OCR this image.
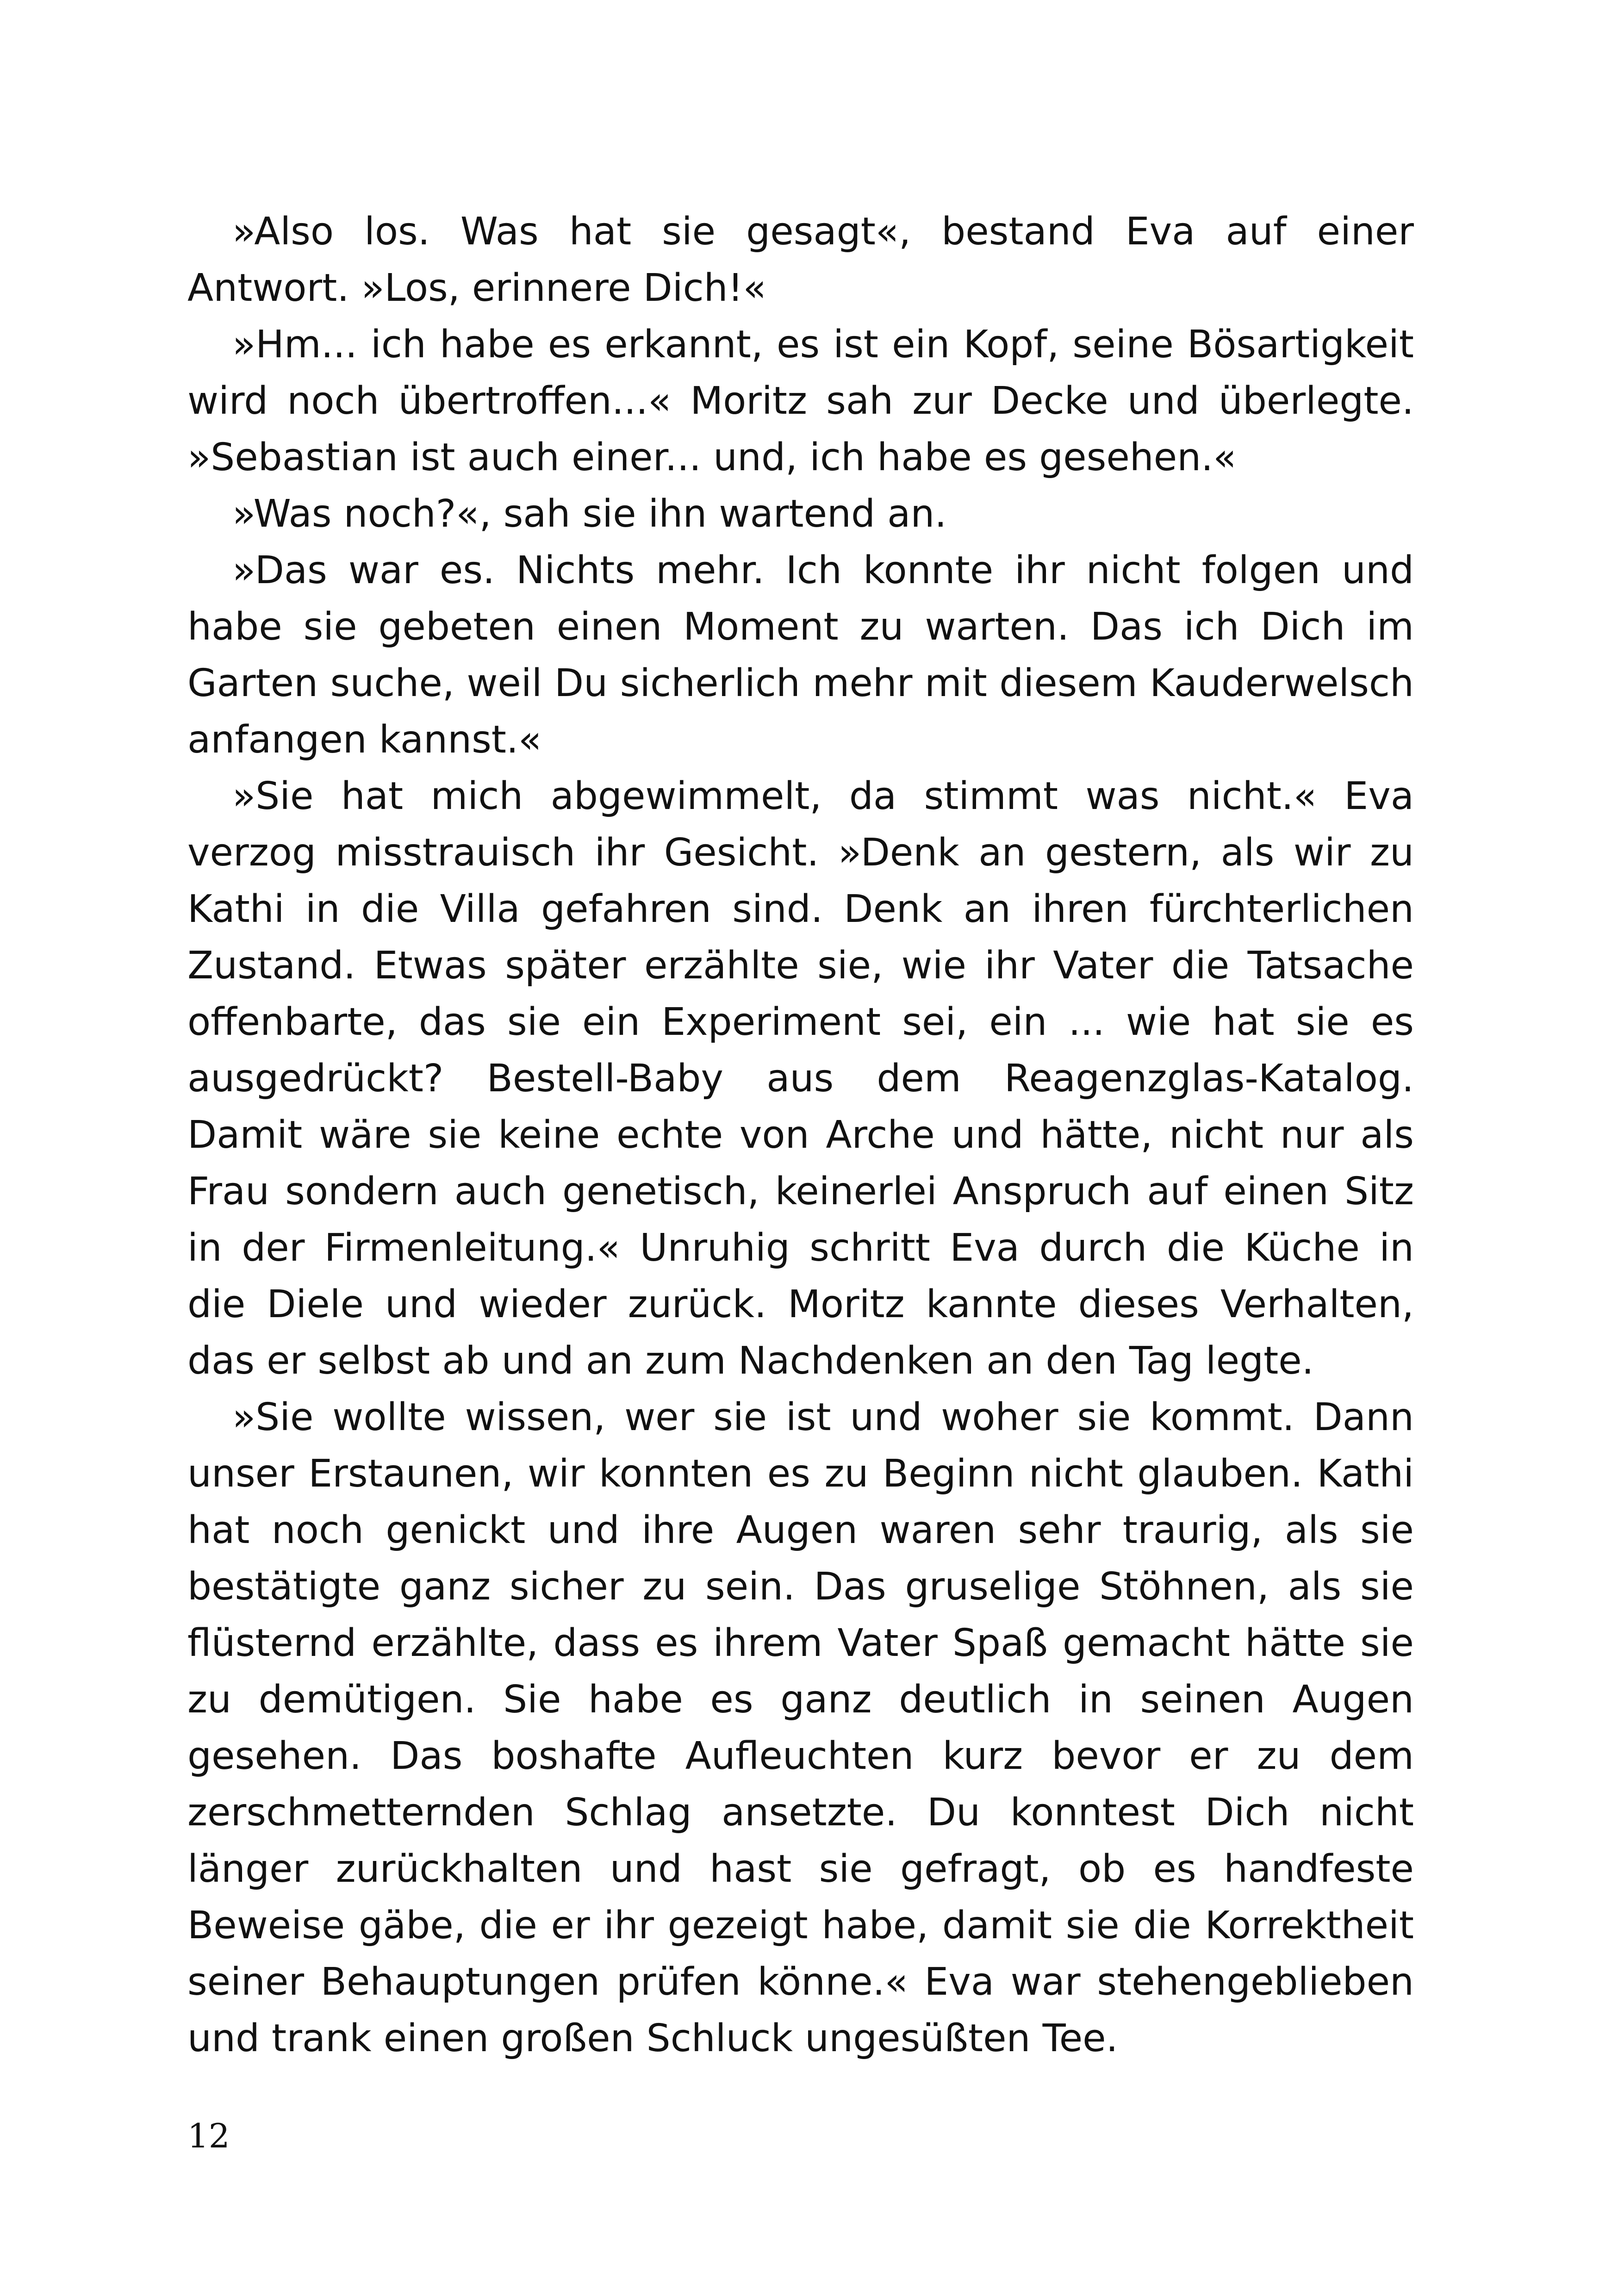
»Also los. Was hat sie gesagt«, bestand Eva auf einer Antwort. »Los, erinnere Dich!«

»Hm... ich habe es erkannt, es ist ein Kopf, seine Bösartigkeit wird noch übertroffen...« Moritz sah zur Decke und überlegte. »Sebastian ist auch einer... und, ich habe es gesehen.«

»Was noch?«, sah sie ihn wartend an.

»Das war es. Nichts mehr. Ich konnte ihr nicht folgen und habe sie gebeten einen Moment zu warten. Das ich Dich im Garten suche, weil Du sicherlich mehr mit diesem Kauderwelsch anfangen kannst.«

»Sie hat mich abgewimmelt, da stimmt was nicht.« Eva verzog misstrauisch ihr Gesicht. »Denk an gestern, als wir zu Kathi in die Villa gefahren sind. Denk an ihren fürchterlichen Zustand. Etwas später erzählte sie, wie ihr Vater die Tatsache offenbarte, das sie ein Experiment sei, ein ... wie hat sie es ausgedrückt? Bestell-Baby aus dem Reagenzglas-Katalog. Damit wäre sie keine echte von Arche und hätte, nicht nur als Frau sondern auch genetisch, keinerlei Anspruch auf einen Sitz in der Firmenleitung.« Unruhig schritt Eva durch die Küche in die Diele und wieder zurück. Moritz kannte dieses Verhalten, das er selbst ab und an zum Nachdenken an den Tag legte.

»Sie wollte wissen, wer sie ist und woher sie kommt. Dann unser Erstaunen, wir konnten es zu Beginn nicht glauben. Kathi hat noch genickt und ihre Augen waren sehr traurig, als sie bestätigte ganz sicher zu sein. Das gruselige Stöhnen, als sie flüsternd erzählte, dass es ihrem Vater Spaß gemacht hätte sie zu demütigen. Sie habe es ganz deutlich in seinen Augen gesehen. Das boshafte Aufleuchten kurz bevor er zu dem zerschmetternden Schlag ansetzte. Du konntest Dich nicht länger zurückhalten und hast sie gefragt, ob es handfeste Beweise gäbe, die er ihr gezeigt habe, damit sie die Korrektheit seiner Behauptungen prüfen könne.« Eva war stehengeblieben und trank einen großen Schluck ungesüßten Tee.

12
